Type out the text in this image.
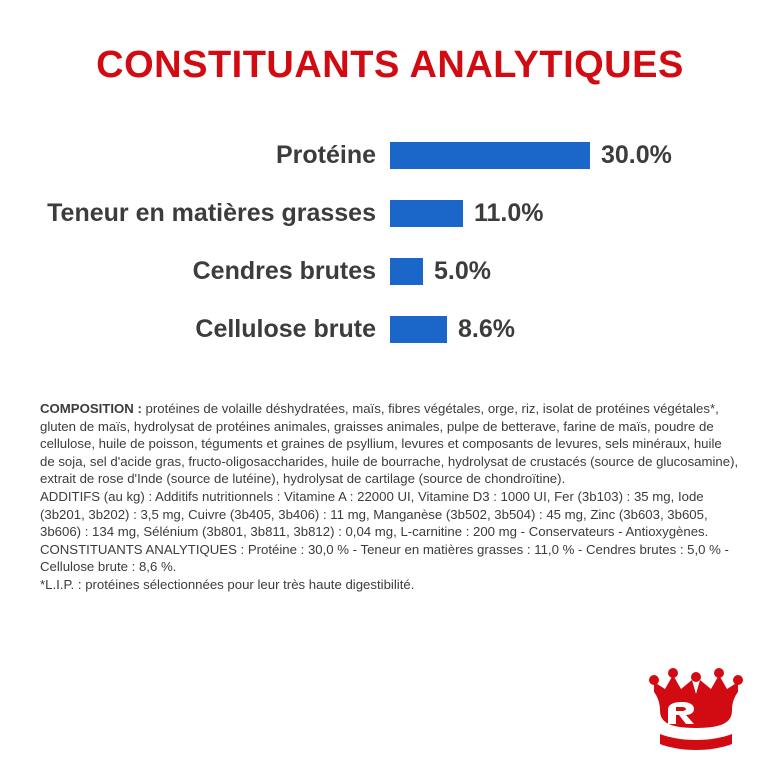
CONSTITUANTS ANALYTIQUES
Protéine	30.0%
Teneur en matières grasses	11.0%
Cendres brutes	5.0%
Cellulose brute	8.6%

COMPOSITION : protéines de volaille déshydratées, maïs, fibres végétales, orge, riz, isolat de protéines végétales*, gluten de maïs, hydrolysat de protéines animales, graisses animales, pulpe de betterave, farine de maïs, poudre de cellulose, huile de poisson, téguments et graines de psyllium, levures et composants de levures, sels minéraux, huile de soja, sel d'acide gras, fructo-oligosaccharides, huile de bourrache, hydrolysat de crustacés (source de glucosamine), extrait de rose d'Inde (source de lutéine), hydrolysat de cartilage (source de chondroïtine).

ADDITIFS (au kg) : Additifs nutritionnels : Vitamine A : 22000 UI, Vitamine D3 : 1000 UI, Fer (3b103) : 35 mg, Iode (3b201, 3b202) : 3,5 mg, Cuivre (3b405, 3b406) : 11 mg, Manganèse (3b502, 3b504) : 45 mg, Zinc (3b603, 3b605, 3b606) : 134 mg, Sélénium (3b801, 3b811, 3b812) : 0,04 mg, L-carnitine : 200 mg - Conservateurs - Antioxygènes.

CONSTITUANTS ANALYTIQUES : Protéine : 30,0 % - Teneur en matières grasses : 11,0 % - Cendres brutes : 5,0 % - Cellulose brute : 8,6 %.

*L.I.P. : protéines sélectionnées pour leur très haute digestibilité.
